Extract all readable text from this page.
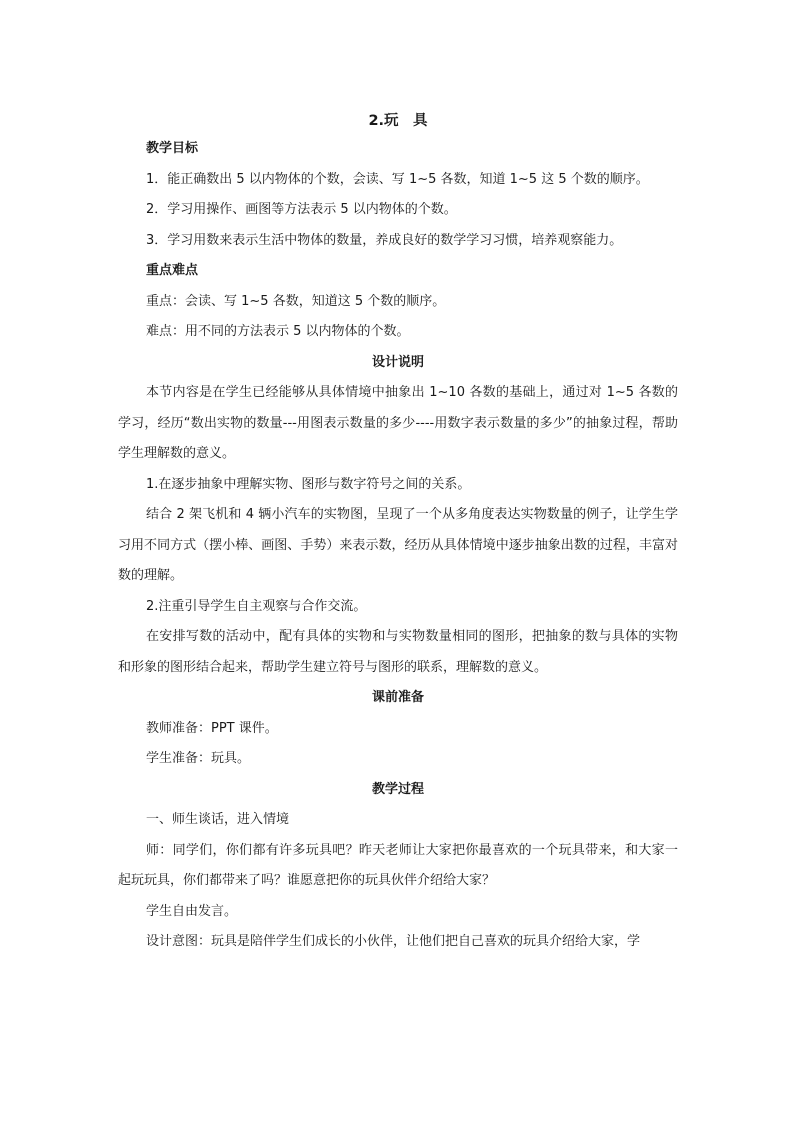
2.玩　具
教学目标
1．能正确数出 5 以内物体的个数，会读、写 1~5 各数，知道 1~5 这 5 个数的顺序。
2．学习用操作、画图等方法表示 5 以内物体的个数。
3．学习用数来表示生活中物体的数量，养成良好的数学学习习惯，培养观察能力。
重点难点
重点：会读、写 1~5 各数，知道这 5 个数的顺序。
难点：用不同的方法表示 5 以内物体的个数。
设计说明
本节内容是在学生已经能够从具体情境中抽象出 1~10 各数的基础上，通过对 1~5 各数的学习，经历“数出实物的数量---用图表示数量的多少----用数字表示数量的多少”的抽象过程，帮助学生理解数的意义。
1.在逐步抽象中理解实物、图形与数字符号之间的关系。
结合 2 架飞机和 4 辆小汽车的实物图，呈现了一个从多角度表达实物数量的例子，让学生学习用不同方式（摆小棒、画图、手势）来表示数，经历从具体情境中逐步抽象出数的过程，丰富对数的理解。
2.注重引导学生自主观察与合作交流。
在安排写数的活动中，配有具体的实物和与实物数量相同的图形，把抽象的数与具体的实物和形象的图形结合起来，帮助学生建立符号与图形的联系，理解数的意义。
课前准备
教师准备：PPT 课件。
学生准备：玩具。
教学过程
一、师生谈话，进入情境
师：同学们，你们都有许多玩具吧？昨天老师让大家把你最喜欢的一个玩具带来，和大家一起玩玩具，你们都带来了吗？谁愿意把你的玩具伙伴介绍给大家？
学生自由发言。
设计意图：玩具是陪伴学生们成长的小伙伴，让他们把自己喜欢的玩具介绍给大家，学
